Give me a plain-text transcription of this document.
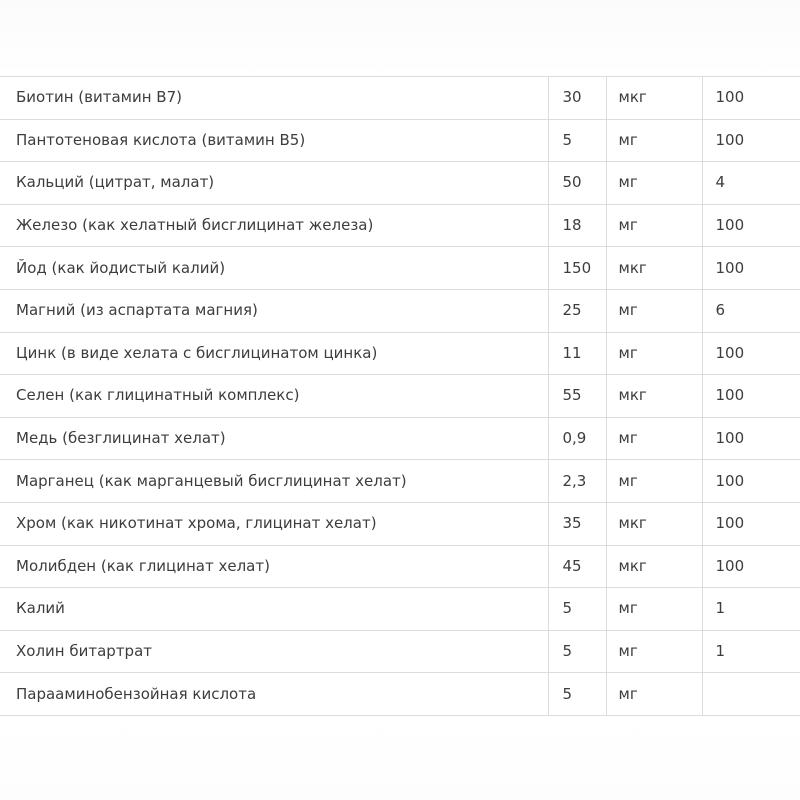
Биотин (витамин В7)	30	мкг	100
Пантотеновая кислота (витамин В5)	5	мг	100
Кальций (цитрат, малат)	50	мг	4
Железо (как хелатный бисглицинат железа)	18	мг	100
Йод (как йодистый калий)	150	мкг	100
Магний (из аспартата магния)	25	мг	6
Цинк (в виде хелата с бисглицинатом цинка)	11	мг	100
Селен (как глицинатный комплекс)	55	мкг	100
Медь (безглицинат хелат)	0,9	мг	100
Марганец (как марганцевый бисглицинат хелат)	2,3	мг	100
Хром (как никотинат хрома, глицинат хелат)	35	мкг	100
Молибден (как глицинат хелат)	45	мкг	100
Калий	5	мг	1
Холин битартрат	5	мг	1
Парааминобензойная кислота	5	мг	
